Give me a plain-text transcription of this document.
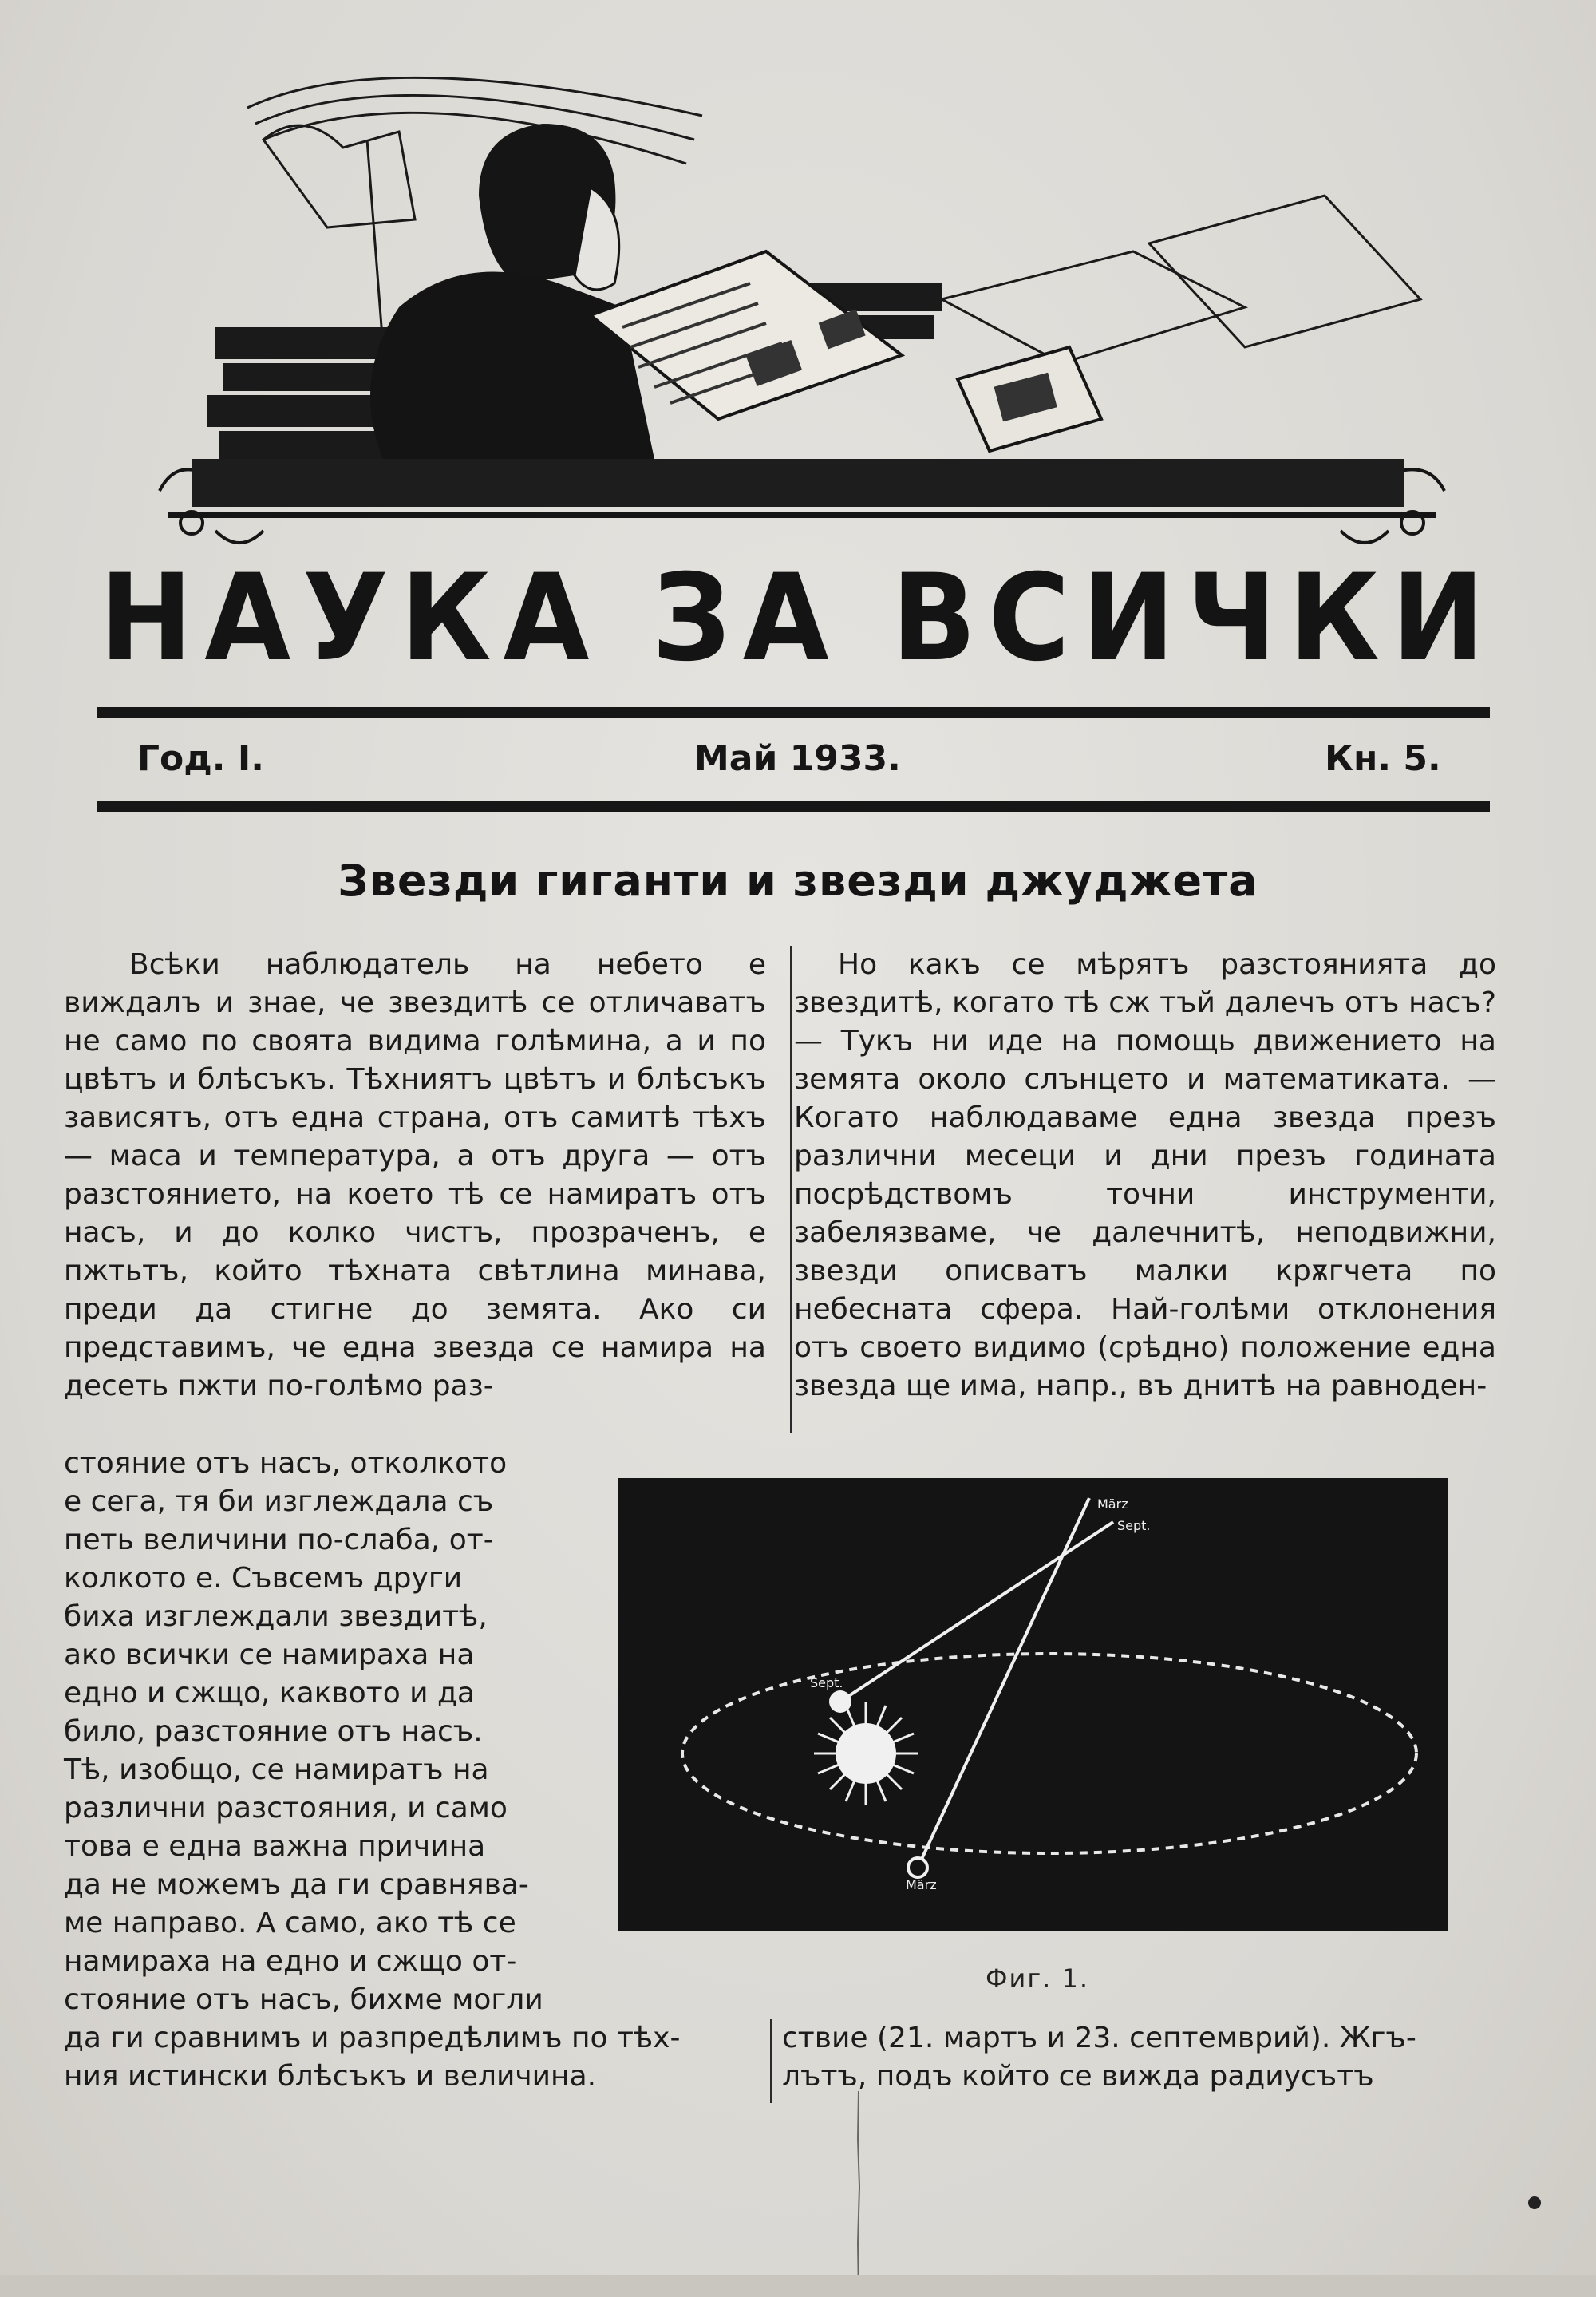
НАУКА ЗА ВСИЧКИ
Год. I.	Май 1933.	Кн. 5.
Звезди гиганти и звезди джуджета
Всѣки наблюдатель на небето е виждалъ и знае, че звездитѣ се отличаватъ не само по своята видима голѣмина, а и по цвѣтъ и блѣсъкъ. Тѣхниятъ цвѣтъ и блѣсъкъ зависятъ, отъ една страна, отъ самитѣ тѣхъ — маса и температура, а отъ друга — отъ разстоянието, на което тѣ се намиратъ отъ насъ, и до колко чистъ, прозраченъ, е пжтьтъ, който тѣхната свѣтлина минава, преди да стигне до земята. Ако си представимъ, че една звезда се намира на десеть пжти по-голѣмо раз-
Но какъ се мѣрятъ разстоянията до звездитѣ, когато тѣ сж тъй далечъ отъ насъ? — Тукъ ни иде на помощь движението на земята около слънцето и математиката. — Когато наблюдаваме една звезда презъ различни месеци и дни презъ годината посрѣдствомъ точни инструменти, забелязваме, че далечнитѣ, неподвижни, звезди описватъ малки крѫгчета по небесната сфера. Най-голѣми отклонения отъ своето видимо (срѣдно) положение една звезда ще има, напр., въ днитѣ на равноден-
стояние отъ насъ, отколкото
е сега, тя би изглеждала съ
петь величини по-слаба, от-
колкото е. Съвсемъ други
биха изглеждали звездитѣ,
ако всички се намираха на
едно и сжщо, каквото и да
било, разстояние отъ насъ.
Тѣ, изобщо, се намиратъ на
различни разстояния, и само
това е една важна причина
да не можемъ да ги сравнява-
ме направо. А само, ако тѣ се
намираха на едно и сжщо от-
стояние отъ насъ, бихме могли
März
Sept.
Sept.
März
Фиг. 1.
да ги сравнимъ и разпредѣлимъ по тѣх-
ния истински блѣсъкъ и величина.
ствие (21. мартъ и 23. септемврий). Жгъ-
лътъ, подъ който се вижда радиусътъ
